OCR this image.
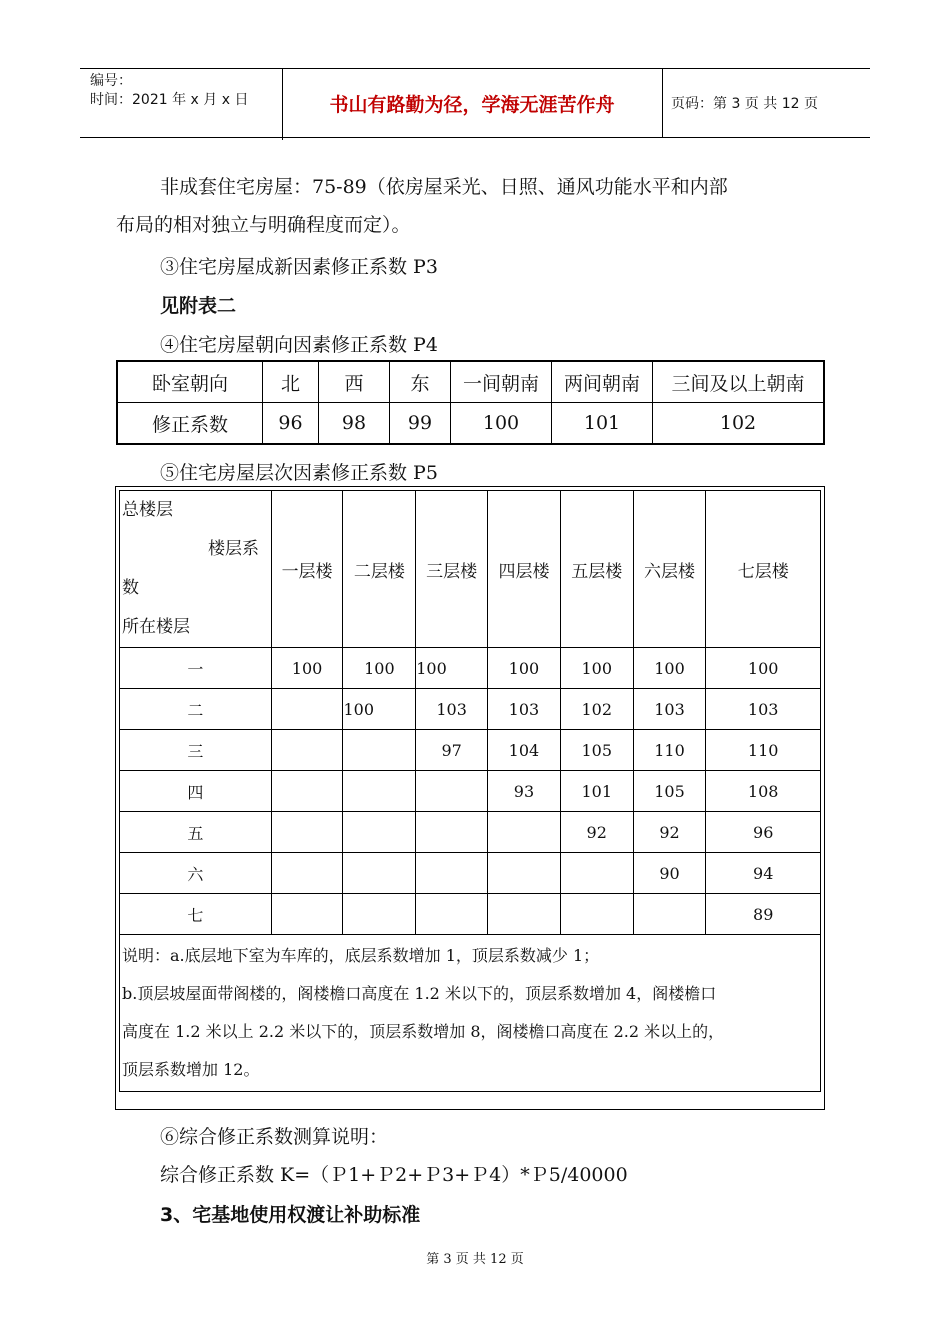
编号：
时间：2021 年 x 月 x 日	书山有路勤为径，学海无涯苦作舟	页码：第 3 页 共 12 页
非成套住宅房屋：75-89（依房屋采光、日照、通风功能水平和内部
布局的相对独立与明确程度而定）。
③住宅房屋成新因素修正系数 P3
见附表二
④住宅房屋朝向因素修正系数 P4
卧室朝向	北	西	东	一间朝南	两间朝南	三间及以上朝南
修正系数	96	98	99	100	101	102
⑤住宅房屋层次因素修正系数 P5
总楼层
楼层系
数
所在楼层	一层楼	二层楼	三层楼	四层楼	五层楼	六层楼	七层楼
一	100	100	100	100	100	100	100
二		100	103	103	102	103	103
三			97	104	105	110	110
四				93	101	105	108
五					92	92	96
六						90	94
七							89

说明：a.底层地下室为车库的，底层系数增加 1，顶层系数减少 1；
b.顶层坡屋面带阁楼的，阁楼檐口高度在 1.2 米以下的，顶层系数增加 4，阁楼檐口
高度在 1.2 米以上 2.2 米以下的，顶层系数增加 8，阁楼檐口高度在 2.2 米以上的，
顶层系数增加 12。							
⑥综合修正系数测算说明：
综合修正系数 K=（Ｐ1+Ｐ2+Ｐ3+Ｐ4）*Ｐ5/40000
3、宅基地使用权渡让补助标准
第 3 页 共 12 页
